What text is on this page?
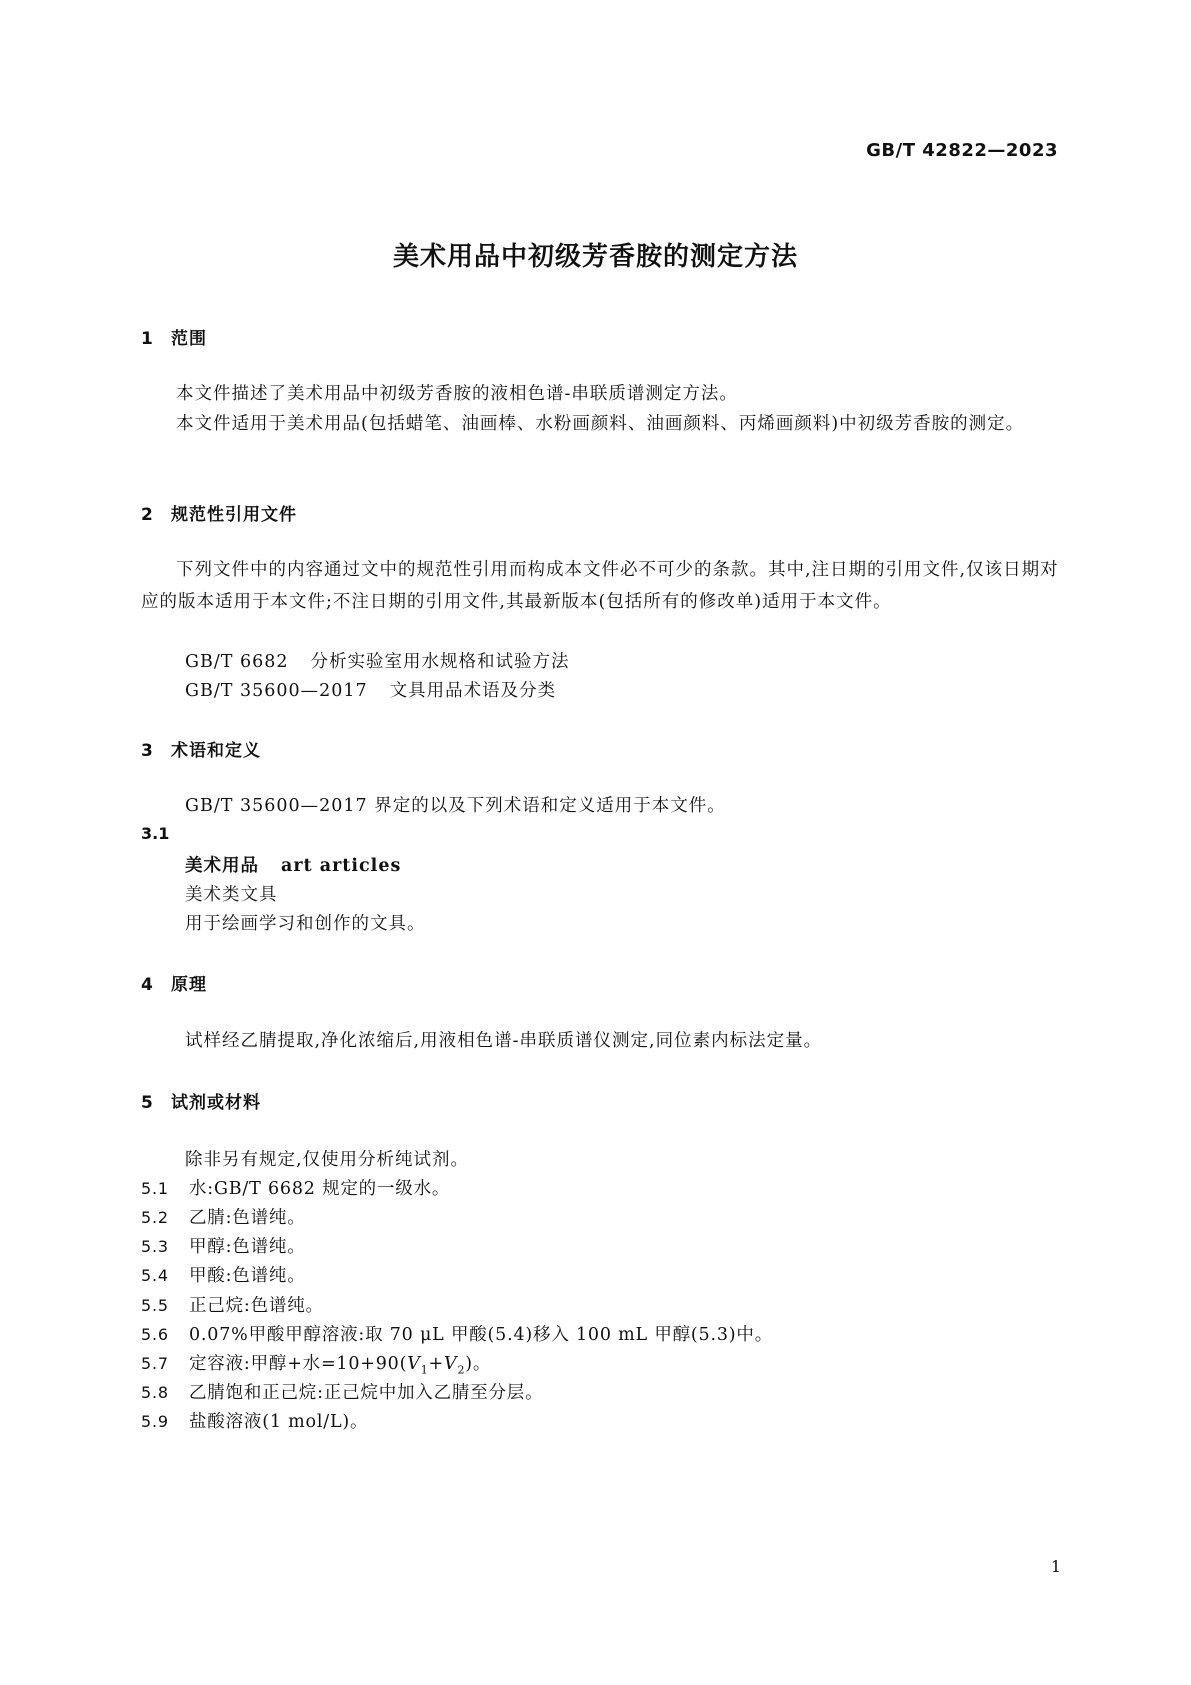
GB/T 42822—2023
美术用品中初级芳香胺的测定方法
1 范围
本文件描述了美术用品中初级芳香胺的液相色谱-串联质谱测定方法。
本文件适用于美术用品(包括蜡笔、油画棒、水粉画颜料、油画颜料、丙烯画颜料)中初级芳香胺的测定。
2 规范性引用文件
下列文件中的内容通过文中的规范性引用而构成本文件必不可少的条款。其中,注日期的引用文件,仅该日期对应的版本适用于本文件;不注日期的引用文件,其最新版本(包括所有的修改单)适用于本文件。
GB/T 6682 分析实验室用水规格和试验方法
GB/T 35600—2017 文具用品术语及分类
3 术语和定义
GB/T 35600—2017 界定的以及下列术语和定义适用于本文件。
3.1
美术用品 art articles
美术类文具
用于绘画学习和创作的文具。
4 原理
试样经乙腈提取,净化浓缩后,用液相色谱-串联质谱仪测定,同位素内标法定量。
5 试剂或材料
除非另有规定,仅使用分析纯试剂。
5.1 水:GB/T 6682 规定的一级水。
5.2 乙腈:色谱纯。
5.3 甲醇:色谱纯。
5.4 甲酸:色谱纯。
5.5 正己烷:色谱纯。
5.6 0.07%甲酸甲醇溶液:取 70 μL 甲酸(5.4)移入 100 mL 甲醇(5.3)中。
5.7 定容液:甲醇+水$=10+90(V_1+V_2)$。
5.8 乙腈饱和正己烷:正己烷中加入乙腈至分层。
5.9 盐酸溶液(1 mol/L)。
1
